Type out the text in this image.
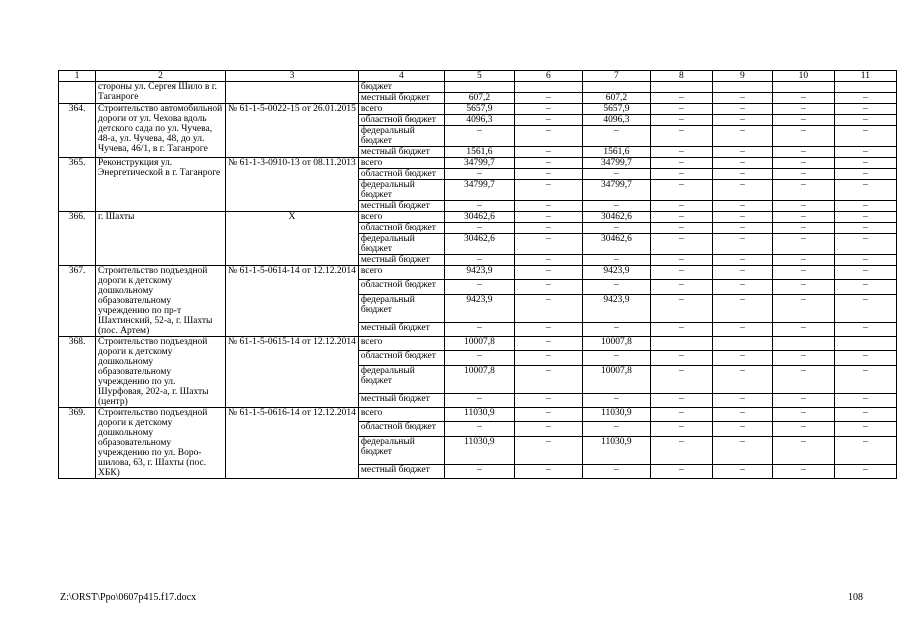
1	2	3	4	5	6	7	8	9	10	11
	стороны ул. Сергея Шило в г. Таганроге		бюджет							
			местный бюджет	607,2	–	607,2	–	–	–	–
364.	Строительство автомобильной дороги от ул. Чехова вдоль детского сада по ул. Чучева, 48-а, ул. Чучева, 48, до ул. Чучева, 46/1, в г. Таганроге	№ 61-1-5-0022-15 от 26.01.2015	всего	5657,9	–	5657,9	–	–	–	–
			областной бюджет	4096,3	–	4096,3	–	–	–	–
			федеральный бюджет	–	–	–	–	–	–	–
			местный бюджет	1561,6	–	1561,6	–	–	–	–
365.	Реконструкция ул. Энергетической в г. Таганроге	№ 61-1-3-0910-13 от 08.11.2013	всего	34799,7	–	34799,7	–	–	–	–
			областной бюджет	–	–	–	–	–	–	–
			федеральный бюджет	34799,7	–	34799,7	–	–	–	–
			местный бюджет	–	–	–	–	–	–	–
366.	г. Шахты	Х	всего	30462,6	–	30462,6	–	–	–	–
			областной бюджет	–	–	–	–	–	–	–
			федеральный бюджет	30462,6	–	30462,6	–	–	–	–
			местный бюджет	–	–	–	–	–	–	–
367.	Строительство подъездной дороги к детскому дошкольному образовательному учреждению по пр-т Шахтинский, 52-а, г. Шахты (пос. Артем)	№ 61-1-5-0614-14 от 12.12.2014	всего	9423,9	–	9423,9	–	–	–	–
			областной бюджет	–	–	–	–	–	–	–
			федеральный бюджет	9423,9	–	9423,9	–	–	–	–
			местный бюджет	–	–	–	–	–	–	–
368.	Строительство подъездной дороги к детскому дошкольному образовательному учреждению по ул. Шурфовая, 202-а, г. Шахты (центр)	№ 61-1-5-0615-14 от 12.12.2014	всего	10007,8	–	10007,8				
			областной бюджет	–	–	–	–	–	–	–
			федеральный бюджет	10007,8	–	10007,8	–	–	–	–
			местный бюджет	–	–	–	–	–	–	–
369.	Строительство подъездной дороги к детскому дошкольному образовательному учреждению по ул. Воро-шилова, 63, г. Шахты (пос. ХБК)	№ 61-1-5-0616-14 от 12.12.2014	всего	11030,9	–	11030,9	–	–	–	–
			областной бюджет	–	–	–	–	–	–	–
			федеральный бюджет	11030,9	–	11030,9	–	–	–	–
			местный бюджет	–	–	–	–	–	–	–
Z:\ORST\Ppo\0607p415.f17.docx	108
